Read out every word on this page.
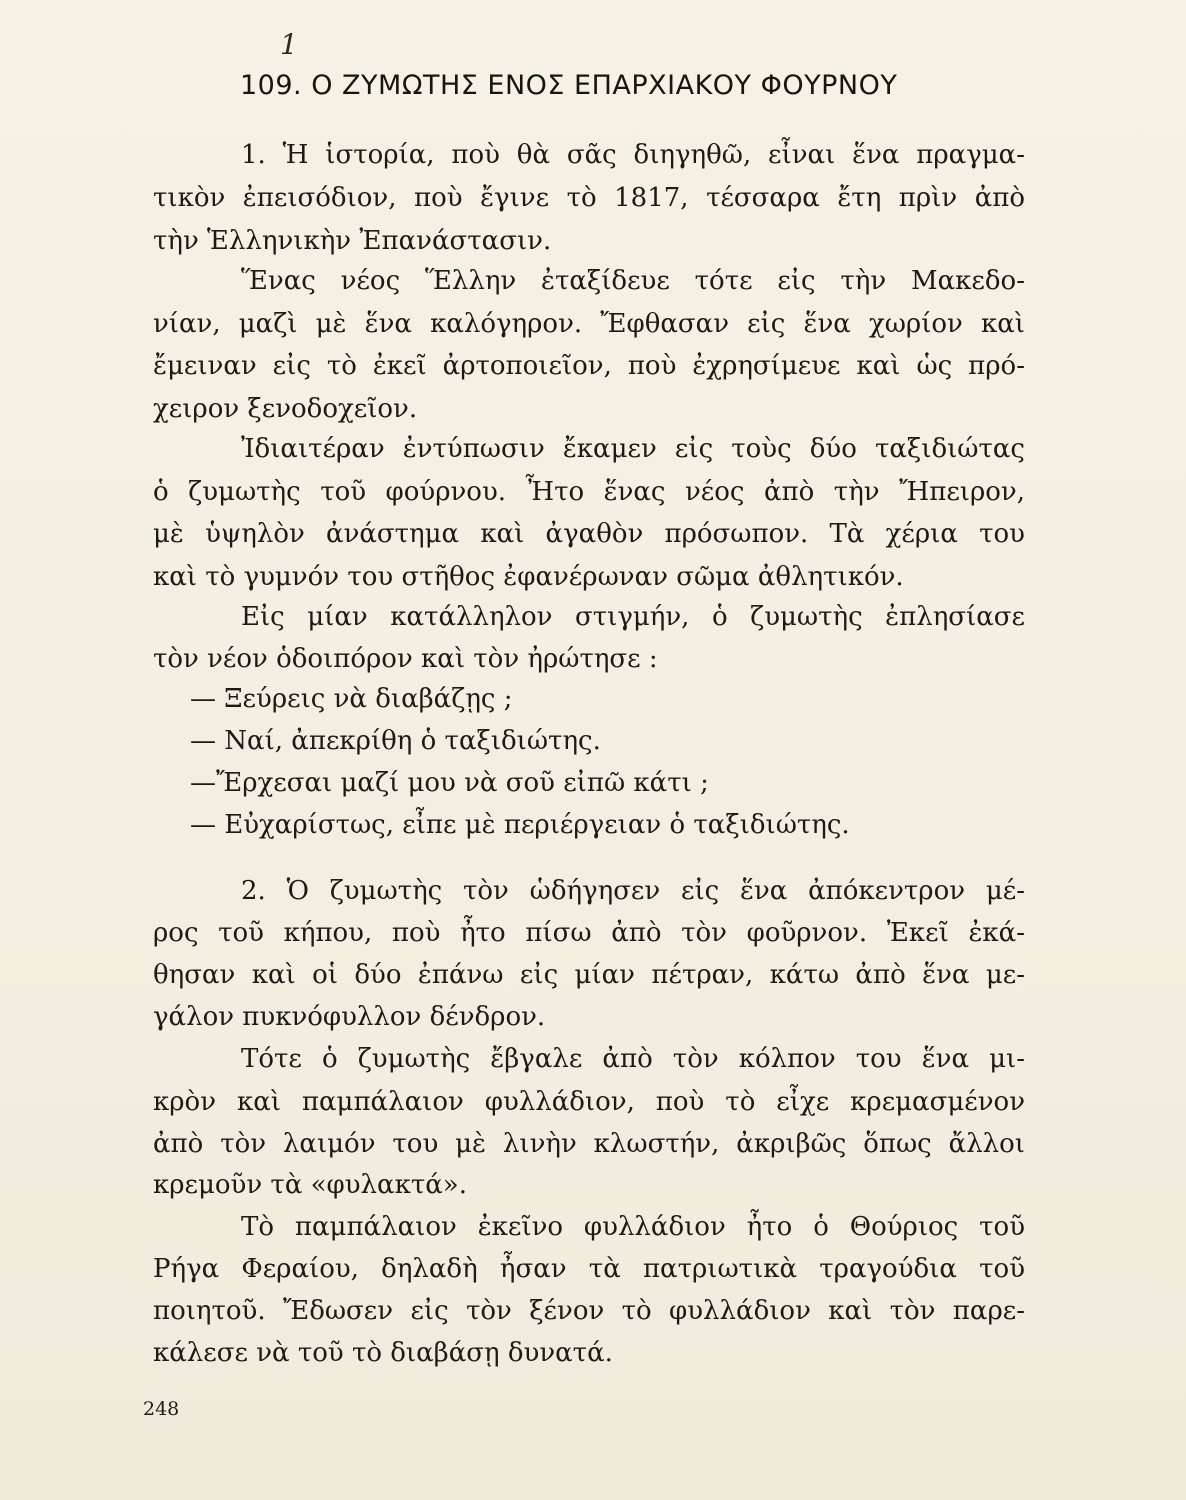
1
109. Ο ΖΥΜΩΤΗΣ ΕΝΟΣ ΕΠΑΡΧΙΑΚΟΥ ΦΟΥΡΝΟΥ
1. Ἡ ἱστορία, ποὺ θὰ σᾶς διηγηθῶ, εἶναι ἕνα πραγμα-
τικὸν ἐπεισόδιον, ποὺ ἔγινε τὸ 1817, τέσσαρα ἔτη πρὶν ἀπὸ
τὴν Ἑλληνικὴν Ἐπανάστασιν.
Ἕνας νέος Ἕλλην ἐταξίδευε τότε εἰς τὴν Μακεδο-
νίαν, μαζὶ μὲ ἕνα καλόγηρον. Ἔφθασαν εἰς ἕνα χωρίον καὶ
ἔμειναν εἰς τὸ ἐκεῖ ἀρτοποιεῖον, ποὺ ἐχρησίμευε καὶ ὡς πρό-
χειρον ξενοδοχεῖον.
Ἰδιαιτέραν ἐντύπωσιν ἔκαμεν εἰς τοὺς δύο ταξιδιώτας
ὁ ζυμωτὴς τοῦ φούρνου. Ἦτο ἕνας νέος ἀπὸ τὴν Ἤπειρον,
μὲ ὑψηλὸν ἀνάστημα καὶ ἀγαθὸν πρόσωπον. Τὰ χέρια του
καὶ τὸ γυμνόν του στῆθος ἐφανέρωναν σῶμα ἀθλητικόν.
Εἰς μίαν κατάλληλον στιγμήν, ὁ ζυμωτὴς ἐπλησίασε
τὸν νέον ὁδοιπόρον καὶ τὸν ἠρώτησε :
— Ξεύρεις νὰ διαβάζῃς ;
— Ναί, ἀπεκρίθη ὁ ταξιδιώτης.
—Ἔρχεσαι μαζί μου νὰ σοῦ εἰπῶ κάτι ;
— Εὐχαρίστως, εἶπε μὲ περιέργειαν ὁ ταξιδιώτης.
2. Ὁ ζυμωτὴς τὸν ὡδήγησεν εἰς ἕνα ἀπόκεντρον μέ-
ρος τοῦ κήπου, ποὺ ἦτο πίσω ἀπὸ τὸν φοῦρνον. Ἐκεῖ ἐκά-
θησαν καὶ οἱ δύο ἐπάνω εἰς μίαν πέτραν, κάτω ἀπὸ ἕνα με-
γάλον πυκνόφυλλον δένδρον.
Τότε ὁ ζυμωτὴς ἔβγαλε ἀπὸ τὸν κόλπον του ἕνα μι-
κρὸν καὶ παμπάλαιον φυλλάδιον, ποὺ τὸ εἶχε κρεμασμένον
ἀπὸ τὸν λαιμόν του μὲ λινὴν κλωστήν, ἀκριβῶς ὅπως ἄλλοι
κρεμοῦν τὰ «φυλακτά».
Τὸ παμπάλαιον ἐκεῖνο φυλλάδιον ἦτο ὁ Θούριος τοῦ
Ρήγα Φεραίου, δηλαδὴ ἦσαν τὰ πατριωτικὰ τραγούδια τοῦ
ποιητοῦ. Ἔδωσεν εἰς τὸν ξένον τὸ φυλλάδιον καὶ τὸν παρε-
κάλεσε νὰ τοῦ τὸ διαβάσῃ δυνατά.
248
